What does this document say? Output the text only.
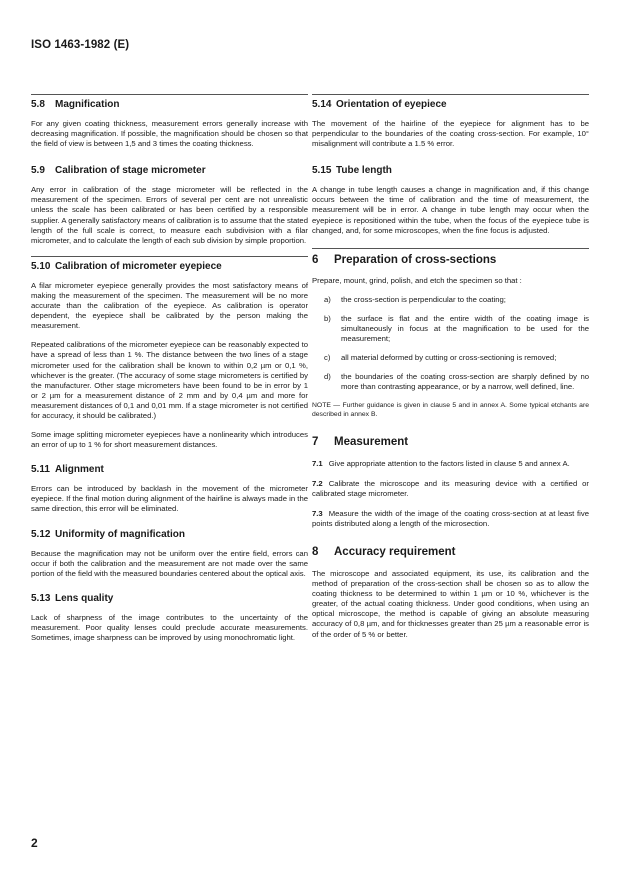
ISO 1463-1982 (E)
5.8 Magnification

For any given coating thickness, measurement errors generally increase with decreasing magnification. If possible, the magnification should be chosen so that the field of view is between 1,5 and 3 times the coating thickness.

5.9 Calibration of stage micrometer

Any error in calibration of the stage micrometer will be reflected in the measurement of the specimen. Errors of several per cent are not unrealistic unless the scale has been calibrated or has been certified by a responsible supplier. A generally satisfactory means of calibration is to assume that the stated length of the full scale is correct, to measure each subdivision with a filar micrometer, and to calculate the length of each sub division by simple proportion.

5.10 Calibration of micrometer eyepiece

A filar micrometer eyepiece generally provides the most satisfactory means of making the measurement of the specimen. The measurement will be no more accurate than the calibration of the eyepiece. As calibration is operator dependent, the eyepiece shall be calibrated by the person making the measurement.

Repeated calibrations of the micrometer eyepiece can be reasonably expected to have a spread of less than 1 %. The distance between the two lines of a stage micrometer used for the calibration shall be known to within 0,2 µm or 0,1 %, whichever is the greater. (The accuracy of some stage micrometers is certified by the manufacturer. Other stage micrometers have been found to be in error by 1 or 2 µm for a measurement distance of 2 mm and by 0,4 µm and more for measurement distances of 0,1 and 0,01 mm. If a stage micrometer is not certified for accuracy, it should be calibrated.)

Some image splitting micrometer eyepieces have a nonlinearity which introduces an error of up to 1 % for short measurement distances.

5.11 Alignment

Errors can be introduced by backlash in the movement of the micrometer eyepiece. If the final motion during alignment of the hairline is always made in the same direction, this error will be eliminated.

5.12 Uniformity of magnification

Because the magnification may not be uniform over the entire field, errors can occur if both the calibration and the measurement are not made over the same portion of the field with the measured boundaries centered about the optical axis.

5.13 Lens quality

Lack of sharpness of the image contributes to the uncertainty of the measurement. Poor quality lenses could preclude accurate measurements. Sometimes, image sharpness can be improved by using monochromatic light.

5.14 Orientation of eyepiece

The movement of the hairline of the eyepiece for alignment has to be perpendicular to the boundaries of the coating cross-section. For example, 10° misalignment will contribute a 1.5 % error.

5.15 Tube length

A change in tube length causes a change in magnification and, if this change occurs between the time of calibration and the time of measurement, the measurement will be in error. A change in tube length may occur when the eyepiece is repositioned within the tube, when the focus of the eyepiece tube is changed, and, for some microscopes, when the fine focus is adjusted.

6 Preparation of cross-sections

Prepare, mount, grind, polish, and etch the specimen so that :

a)	the cross-section is perpendicular to the coating;
b)	the surface is flat and the entire width of the coating image is simultaneously in focus at the magnification to be used for the measurement;
c)	all material deformed by cutting or cross-sectioning is removed;
d)	the boundaries of the coating cross-section are sharply defined by no more than contrasting appearance, or by a narrow, well defined, line.

NOTE — Further guidance is given in clause 5 and in annex A. Some typical etchants are described in annex B.

7 Measurement
7.1 Give appropriate attention to the factors listed in clause 5 and annex A.
7.2 Calibrate the microscope and its measuring device with a certified or calibrated stage micrometer.
7.3 Measure the width of the image of the coating cross-section at at least five points distributed along a length of the microsection.
8 Accuracy requirement

The microscope and associated equipment, its use, its calibration and the method of preparation of the cross-section shall be chosen so as to allow the coating thickness to be determined to within 1 µm or 10 %, whichever is the greater, of the actual coating thickness. Under good conditions, when using an optical microscope, the method is capable of giving an absolute measuring accuracy of 0,8 µm, and for thicknesses greater than 25 µm a reasonable error is of the order of 5 % or better.

2
